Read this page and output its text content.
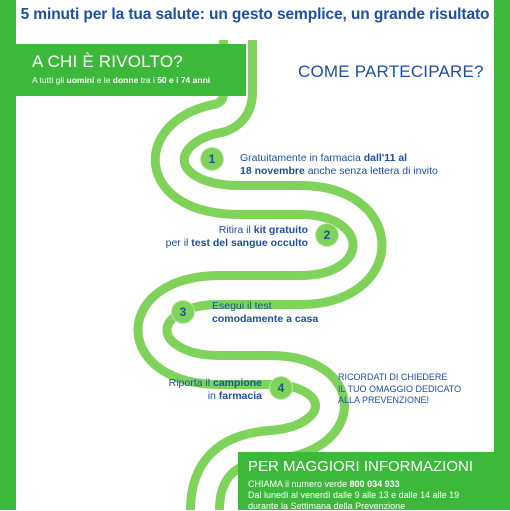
5 minuti per la tua salute: un gesto semplice, un grande risultato
A CHI È RIVOLTO?
A tutti gli uomini e le donne tra i 50 e i 74 anni	COME PARTECIPARE?
1	Gratuitamente in farmacia dall'11 al
18 novembre anche senza lettera di invito
2
Ritira il kit gratuito
per il test del sangue occulto
3	Esegui il test
comodamente a casa
4
Riporta il campione
in farmacia
RICORDATI DI CHIEDERE
IL TUO OMAGGIO DEDICATO
ALLA PREVENZIONE!
PER MAGGIORI INFORMAZIONI
CHIAMA il numero verde 800 034 933
Dal lunedì al venerdì dalle 9 alle 13 e dalle 14 alle 19
durante la Settimana della Prevenzione
